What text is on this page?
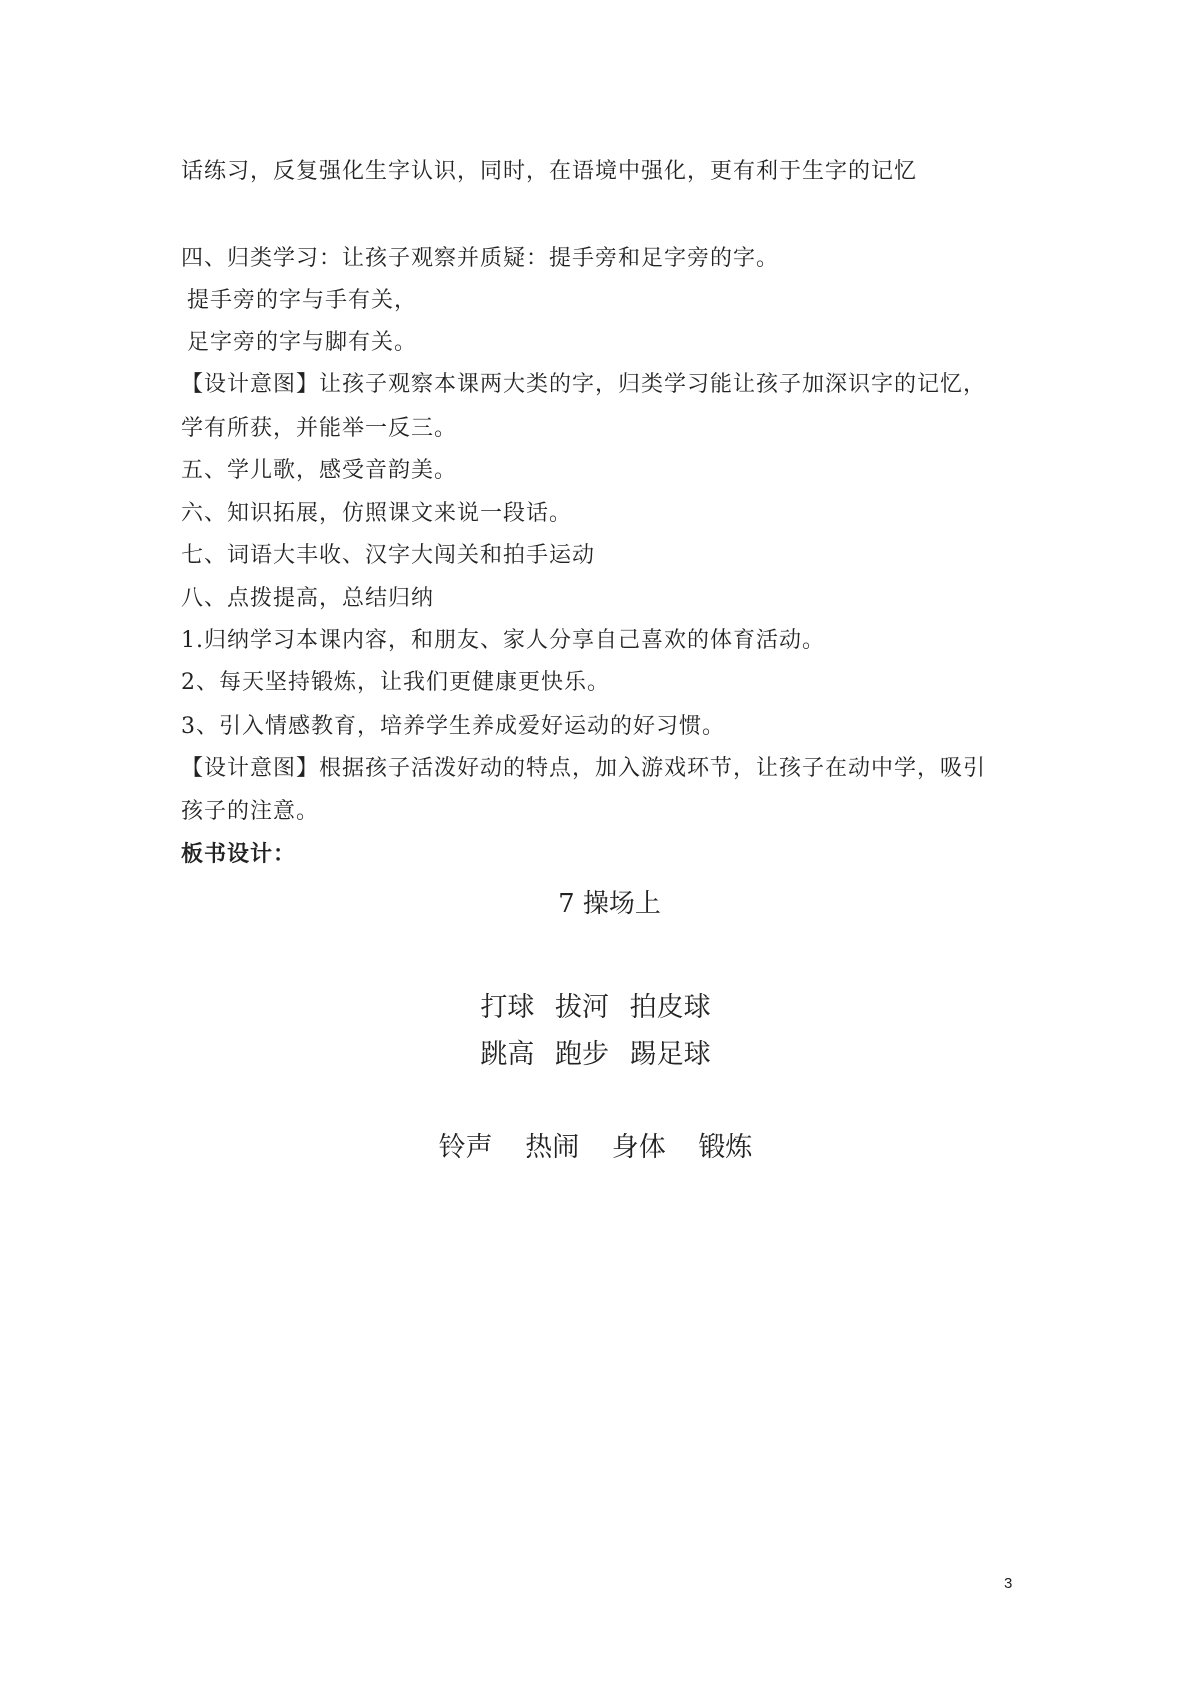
话练习，反复强化生字认识，同时，在语境中强化，更有利于生字的记忆
四、归类学习：让孩子观察并质疑：提手旁和足字旁的字。
提手旁的字与手有关，
足字旁的字与脚有关。
【设计意图】让孩子观察本课两大类的字，归类学习能让孩子加深识字的记忆，
学有所获，并能举一反三。
五、学儿歌，感受音韵美。
六、知识拓展，仿照课文来说一段话。
七、词语大丰收、汉字大闯关和拍手运动
八、点拨提高，总结归纳
1.归纳学习本课内容，和朋友、家人分享自己喜欢的体育活动。
2、每天坚持锻炼，让我们更健康更快乐。
3、引入情感教育，培养学生养成爱好运动的好习惯。
【设计意图】根据孩子活泼好动的特点，加入游戏环节，让孩子在动中学，吸引
孩子的注意。
板书设计：
7 操场上
打球 拔河 拍皮球
跳高 跑步 踢足球
铃声 热闹 身体 锻炼
3
